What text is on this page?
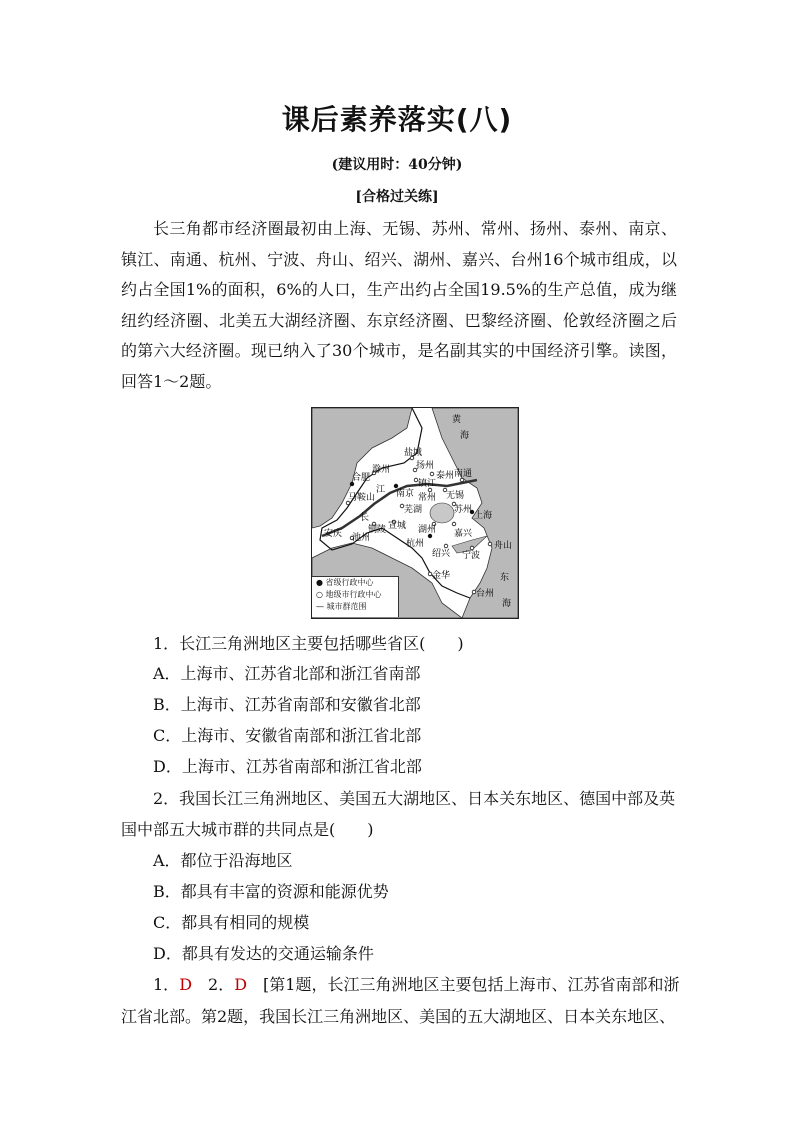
课后素养落实(八)
(建议用时：40分钟)
[合格过关练]
长三角都市经济圈最初由上海、无锡、苏州、常州、扬州、泰州、南京、镇江、南通、杭州、宁波、舟山、绍兴、湖州、嘉兴、台州16个城市组成，以约占全国1%的面积，6%的人口，生产出约占全国19.5%的生产总值，成为继纽约经济圈、北美五大湖经济圈、东京经济圈、巴黎经济圈、伦敦经济圈之后的第六大经济圈。现已纳入了30个城市，是名副其实的中国经济引擎。读图，回答1～2题。
黄
海
东
海
盐城
扬州
滁州
泰州 南通
合肥
镇江
江 南京 常州 无锡
马鞍山
芜湖	苏州
长	上海
铜陵 宣城 湖州 嘉兴
安庆 池州
杭州
绍兴 宁波
舟山
金华
台州
● 省级行政中心
○ 地级市行政中心
— 城市群范围
1．长江三角洲地区主要包括哪些省区(　　)
A．上海市、江苏省北部和浙江省南部
B．上海市、江苏省南部和安徽省北部
C．上海市、安徽省南部和浙江省北部
D．上海市、江苏省南部和浙江省北部
2．我国长江三角洲地区、美国五大湖地区、日本关东地区、德国中部及英
国中部五大城市群的共同点是(　　)
A．都位于沿海地区
B．都具有丰富的资源和能源优势
C．都具有相同的规模
D．都具有发达的交通运输条件
1．D　2．D　[第1题，长江三角洲地区主要包括上海市、江苏省南部和浙
江省北部。第2题，我国长江三角洲地区、美国的五大湖地区、日本关东地区、
